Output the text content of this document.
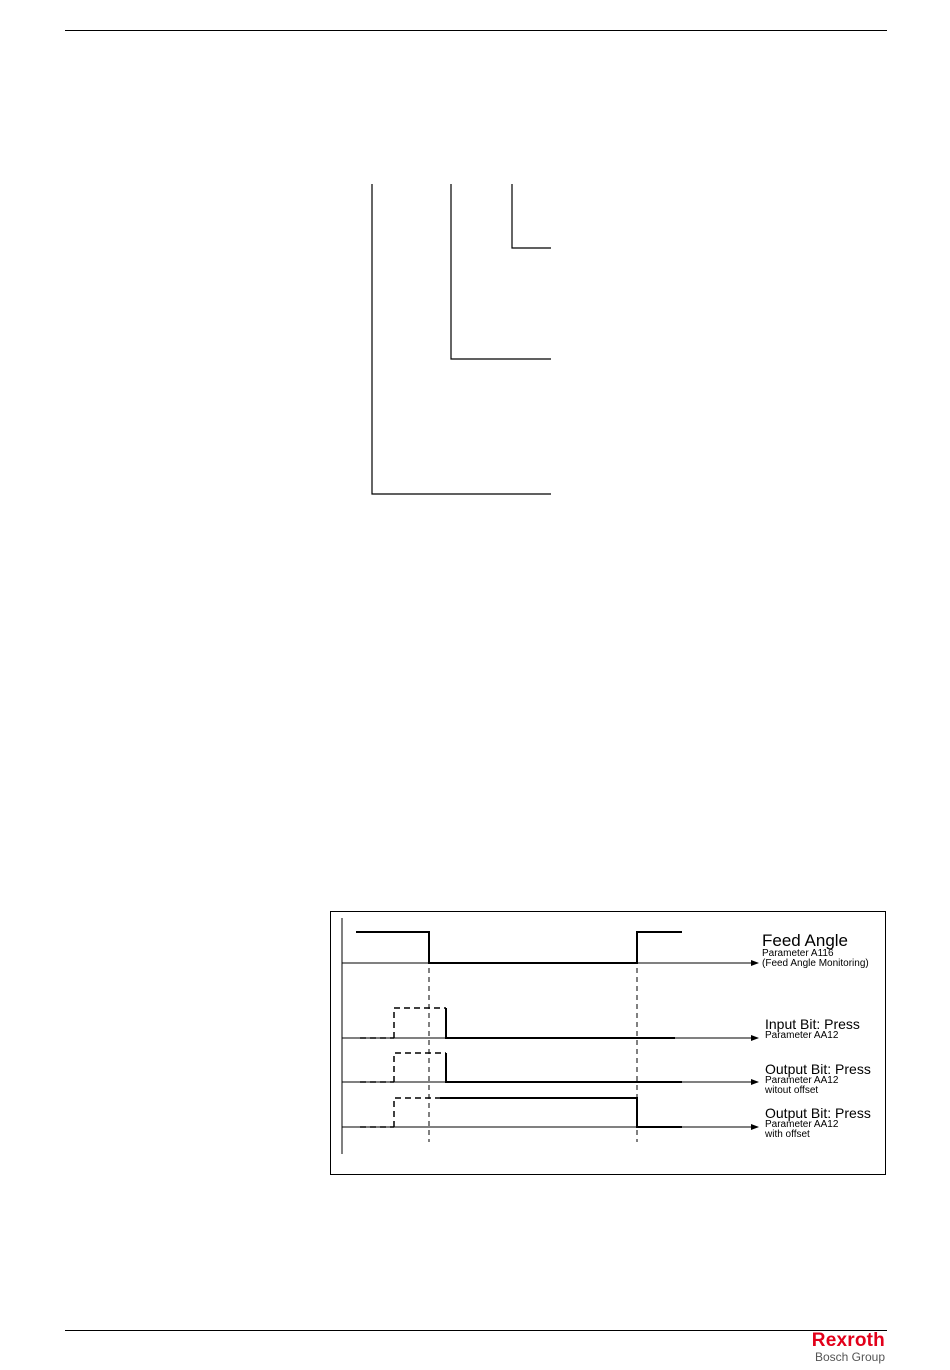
Feed Angle
Parameter A116
(Feed Angle Monitoring)
Input Bit: Press
Parameter AA12
Output Bit: Press
Parameter AA12
witout offset
Output Bit: Press
Parameter AA12
with offset
Rexroth
Bosch Group
